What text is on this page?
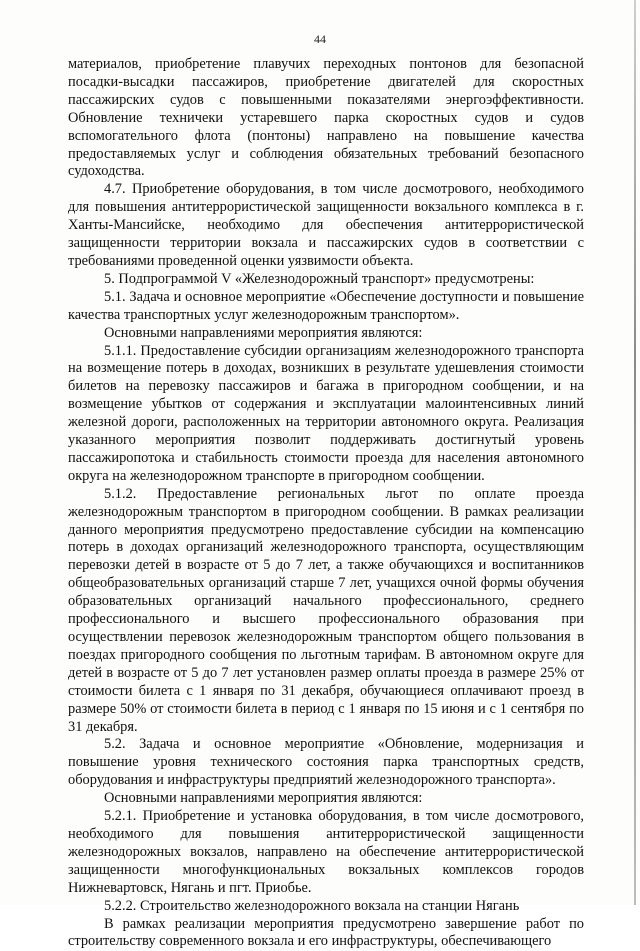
44

материалов, приобретение плавучих переходных понтонов для безопасной посадки-высадки пассажиров, приобретение двигателей для скоростных пассажирских судов с повышенными показателями энергоэффективности. Обновление техничеки устаревшего парка скоростных судов и судов вспомогательного флота (понтоны) направлено на повышение качества предоставляемых услуг и соблюдения обязательных требований безопасного судоходства.

4.7. Приобретение оборудования, в том числе досмотрового, необходимого для повышения антитеррористической защищенности вокзального комплекса в г. Ханты-Мансийске, необходимо для обеспечения антитеррористической защищенности территории вокзала и пассажирских судов в соответствии с требованиями проведенной оценки уязвимости объекта.

5. Подпрограммой V «Железнодорожный транспорт» предусмотрены:

5.1. Задача и основное мероприятие «Обеспечение доступности и повышение качества транспортных услуг железнодорожным транспортом».

Основными направлениями мероприятия являются:

5.1.1. Предоставление субсидии организациям железнодорожного транспорта на возмещение потерь в доходах, возникших в результате удешевления стоимости билетов на перевозку пассажиров и багажа в пригородном сообщении, и на возмещение убытков от содержания и эксплуатации малоинтенсивных линий железной дороги, расположенных на территории автономного округа. Реализация указанного мероприятия позволит поддерживать достигнутый уровень пассажиропотока и стабильность стоимости проезда для населения автономного округа на железнодорожном транспорте в пригородном сообщении.

5.1.2. Предоставление региональных льгот по оплате проезда железнодорожным транспортом в пригородном сообщении. В рамках реализации данного мероприятия предусмотрено предоставление субсидии на компенсацию потерь в доходах организаций железнодорожного транспорта, осуществляющим перевозки детей в возрасте от 5 до 7 лет, а также обучающихся и воспитанников общеобразовательных организаций старше 7 лет, учащихся очной формы обучения образовательных организаций начального профессионального, среднего профессионального и высшего профессионального образования при осуществлении перевозок железнодорожным транспортом общего пользования в поездах пригородного сообщения по льготным тарифам. В автономном округе для детей в возрасте от 5 до 7 лет установлен размер оплаты проезда в размере 25% от стоимости билета с 1 января по 31 декабря, обучающиеся оплачивают проезд в размере 50% от стоимости билета в период с 1 января по 15 июня и с 1 сентября по 31 декабря.

5.2. Задача и основное мероприятие «Обновление, модернизация и повышение уровня технического состояния парка транспортных средств, оборудования и инфраструктуры предприятий железнодорожного транспорта».

Основными направлениями мероприятия являются:

5.2.1. Приобретение и установка оборудования, в том числе досмотрового, необходимого для повышения антитеррористической защищенности железнодорожных вокзалов, направлено на обеспечение антитеррористической защищенности многофункциональных вокзальных комплексов городов Нижневартовск, Нягань и пгт. Приобье.

5.2.2. Строительство железнодорожного вокзала на станции Нягань

В рамках реализации мероприятия предусмотрено завершение работ по строительству современного вокзала и его инфраструктуры, обеспечивающего
